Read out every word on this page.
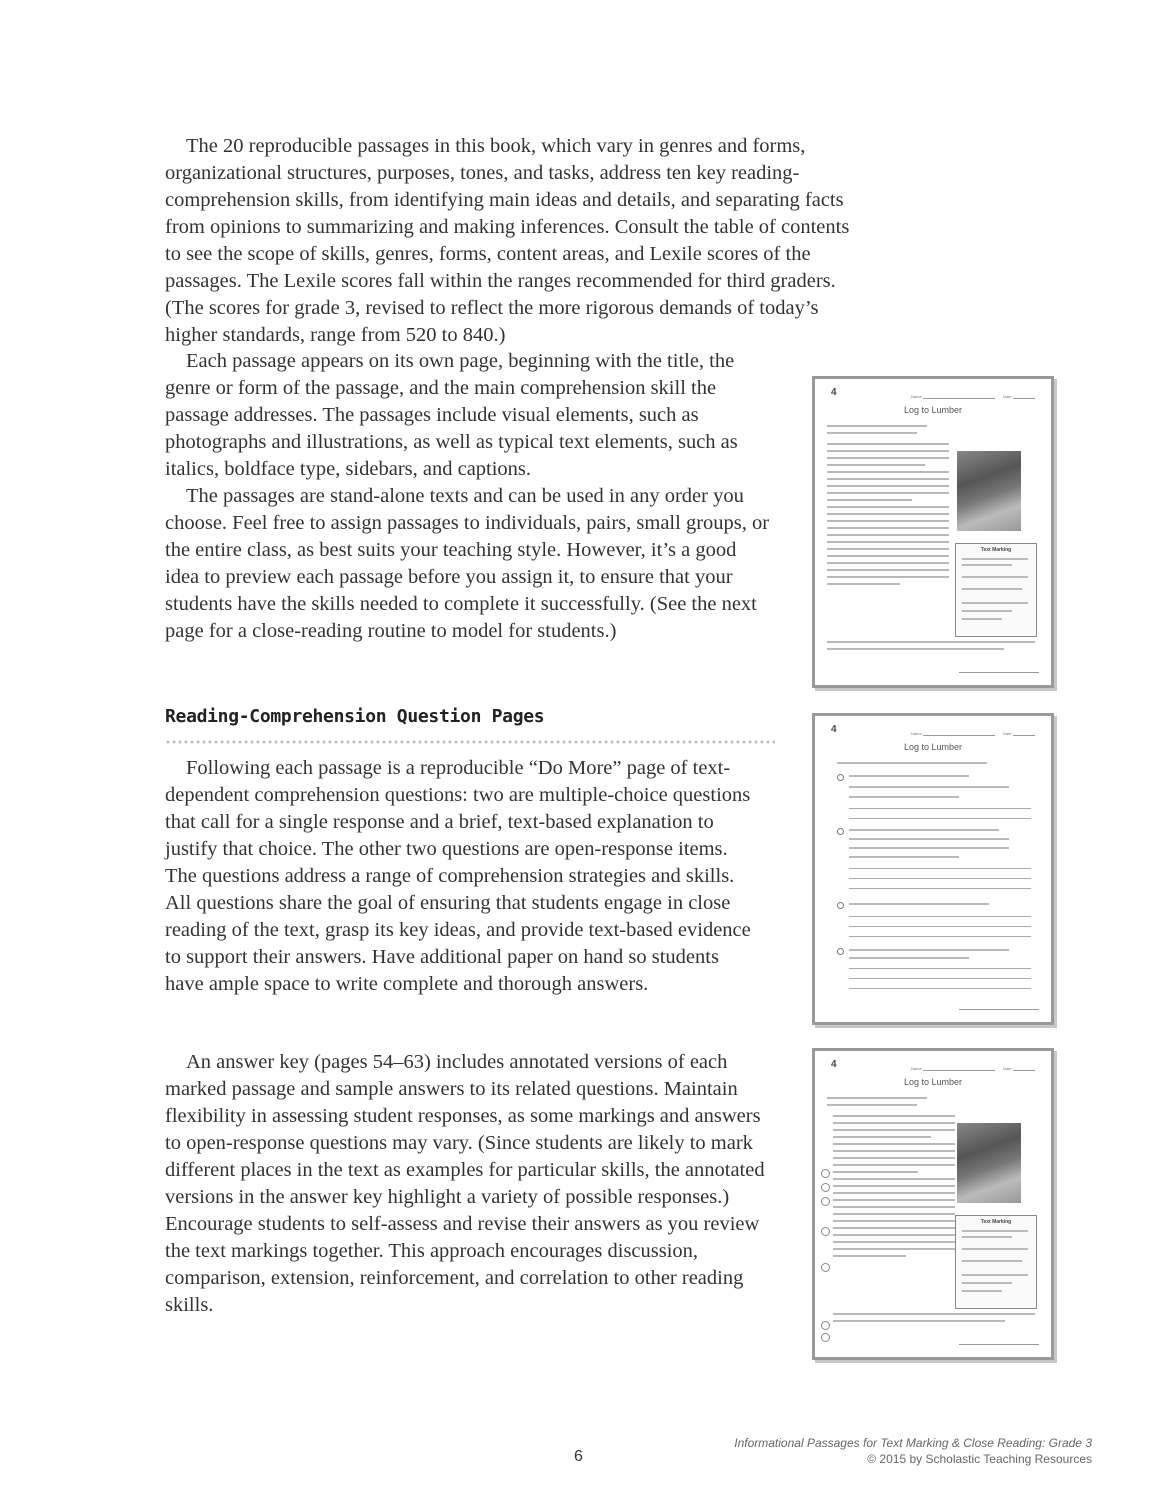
The 20 reproducible passages in this book, which vary in genres and forms, organizational structures, purposes, tones, and tasks, address ten key reading-comprehension skills, from identifying main ideas and details, and separating facts from opinions to summarizing and making inferences. Consult the table of contents to see the scope of skills, genres, forms, content areas, and Lexile scores of the passages. The Lexile scores fall within the ranges recommended for third graders. (The scores for grade 3, revised to reflect the more rigorous demands of today’s higher standards, range from 520 to 840.)

Each passage appears on its own page, beginning with the title, the genre or form of the passage, and the main comprehension skill the passage addresses. The passages include visual elements, such as photographs and illustrations, as well as typical text elements, such as italics, boldface type, sidebars, and captions.

The passages are stand-alone texts and can be used in any order you choose. Feel free to assign passages to individuals, pairs, small groups, or the entire class, as best suits your teaching style. However, it’s a good idea to preview each passage before you assign it, to ensure that your students have the skills needed to complete it successfully. (See the next page for a close-reading routine to model for students.)

Reading-Comprehension Question Pages

Following each passage is a reproducible “Do More” page of text-dependent comprehension questions: two are multiple-choice questions that call for a single response and a brief, text-based explanation to justify that choice. The other two questions are open-response items. The questions address a range of comprehension strategies and skills. All questions share the goal of ensuring that students engage in close reading of the text, grasp its key ideas, and provide text-based evidence to support their answers. Have additional paper on hand so students have ample space to write complete and thorough answers.

An answer key (pages 54–63) includes annotated versions of each marked passage and sample answers to its related questions. Maintain flexibility in assessing student responses, as some markings and answers to open-response questions may vary. (Since students are likely to mark different places in the text as examples for particular skills, the annotated versions in the answer key highlight a variety of possible responses.) Encourage students to self-assess and revise their answers as you review the text markings together. This approach encourages discussion, comparison, extension, reinforcement, and correlation to other reading skills.

4	Name:	Date:
Log to Lumber
Text Marking
4	Name:	Date:
Log to Lumber
4	Name:	Date:
Log to Lumber
Text Marking
6
Informational Passages for Text Marking & Close Reading: Grade 3
© 2015 by Scholastic Teaching Resources
